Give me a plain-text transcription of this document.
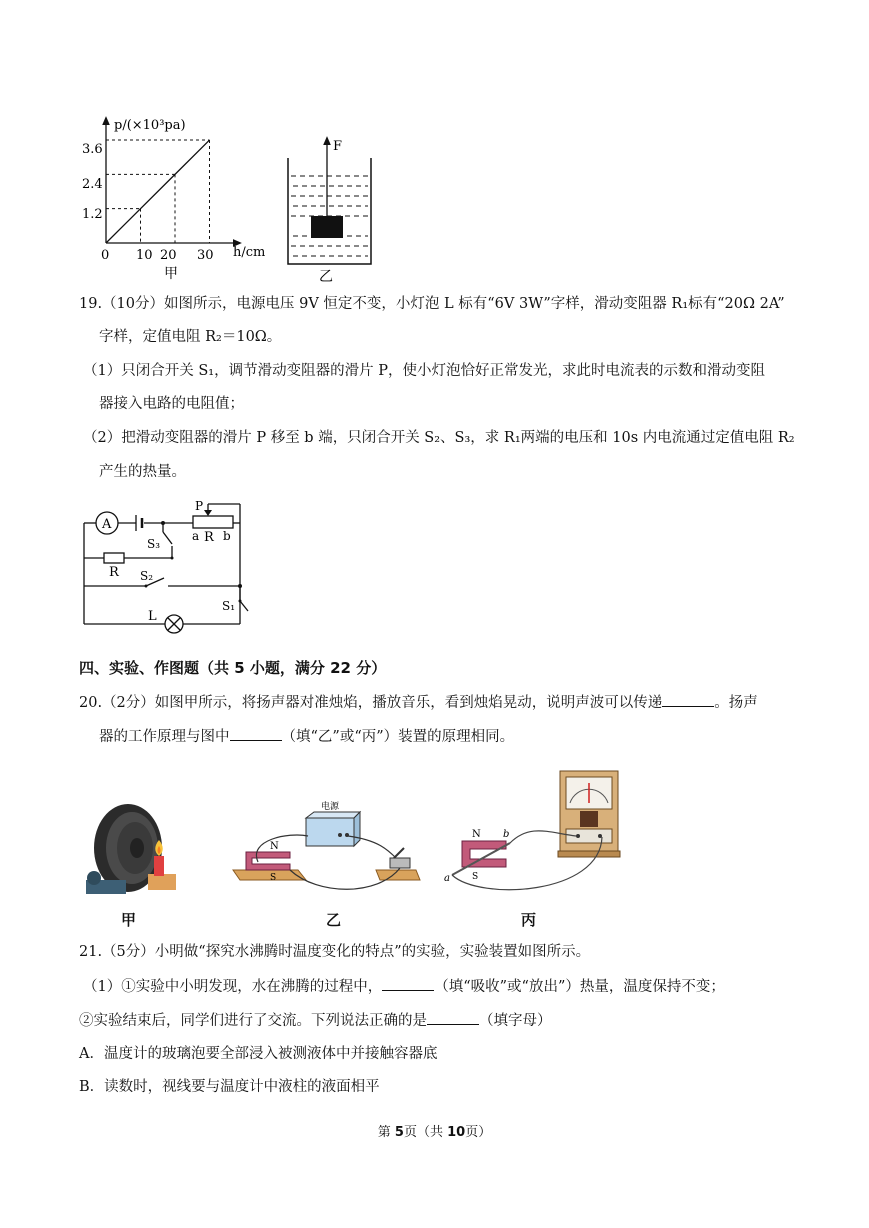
p/(×10³pa)
3.6
2.4
1.2
0 10 20 30 h/cm
甲
F
乙
19.（10分）如图所示，电源电压 9V 恒定不变，小灯泡 L 标有“6V 3W”字样，滑动变阻器 R₁标有“20Ω 2A”
字样，定值电阻 R₂＝10Ω。
（1）只闭合开关 S₁，调节滑动变阻器的滑片 P，使小灯泡恰好正常发光，求此时电流表的示数和滑动变阻
器接入电路的电阻值；
（2）把滑动变阻器的滑片 P 移至 b 端，只闭合开关 S₂、S₃，求 R₁两端的电压和 10s 内电流通过定值电阻 R₂
产生的热量。
A
P
a R b
S₃
R S₂
S₁
L
四、实验、作图题（共 5 小题，满分 22 分）
20.（2分）如图甲所示，将扬声器对准烛焰，播放音乐，看到烛焰晃动，说明声波可以传递	。扬声
器的工作原理与图中	（填“乙”或“丙”）装置的原理相同。
甲
N
S
电源
乙
N
S
a
b
丙
21.（5分）小明做“探究水沸腾时温度变化的特点”的实验，实验装置如图所示。
（1）①实验中小明发现，水在沸腾的过程中，	（填“吸收”或“放出”）热量，温度保持不变；
②实验结束后，同学们进行了交流。下列说法正确的是	（填字母）
A．温度计的玻璃泡要全部浸入被测液体中并接触容器底
B．读数时，视线要与温度计中液柱的液面相平
第 5页（共 10页）
